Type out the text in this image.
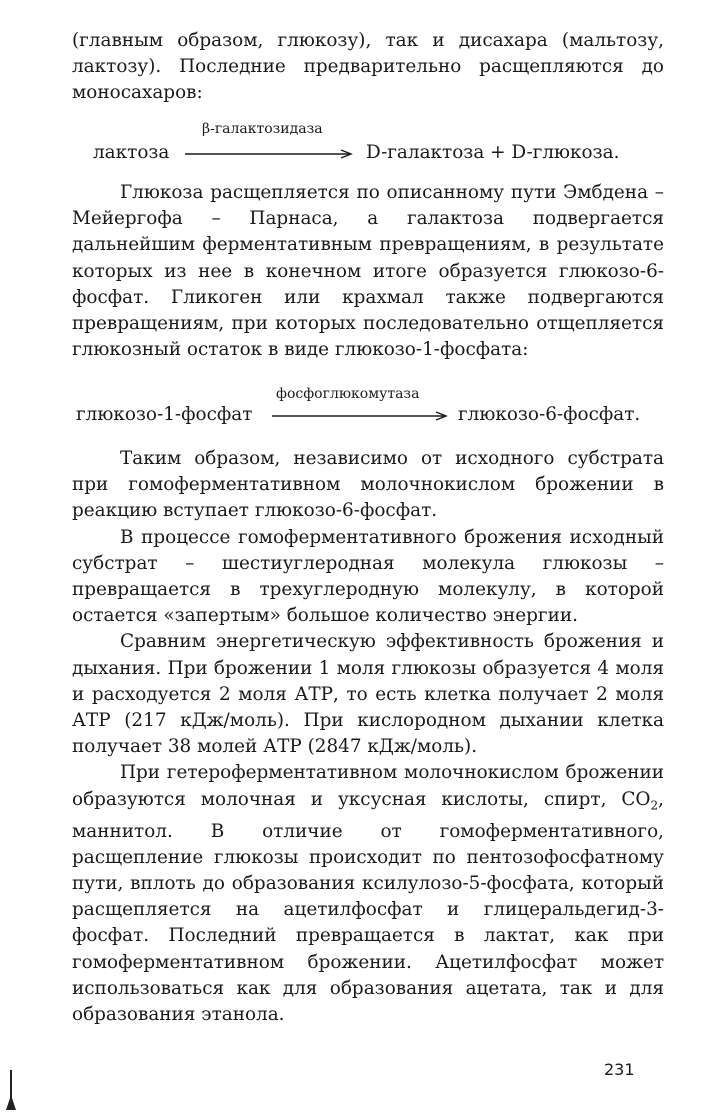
(главным образом, глюкозу), так и дисахара (мальтозу, лактозу). Последние предварительно расщепляются до моносахаров:

β-галактозидаза
лактоза	D-галактоза + D-глюкоза.

Глюкоза расщепляется по описанному пути Эмбдена – Мейергофа – Парнаса, а галактоза подвергается дальнейшим ферментативным превращениям, в результате которых из нее в конечном итоге образуется глюкозо-6-фосфат. Гликоген или крахмал также подвергаются превращениям, при которых последовательно отщепляется глюкозный остаток в виде глюкозо-1-фосфата:

фосфоглюкомутаза
глюкозо-1-фосфат	глюкозо-6-фосфат.

Таким образом, независимо от исходного субстрата при гомоферментативном молочнокислом брожении в реакцию вступает глюкозо-6-фосфат.

В процессе гомоферментативного брожения исходный субстрат – шестиуглеродная молекула глюкозы – превращается в трехуглеродную молекулу, в которой остается «запертым» большое количество энергии.

Сравним энергетическую эффективность брожения и дыхания. При брожении 1 моля глюкозы образуется 4 моля и расходуется 2 моля АТР, то есть клетка получает 2 моля АТР (217 кДж/моль). При кислородном дыхании клетка получает 38 молей АТР (2847 кДж/моль).

При гетероферментативном молочнокислом брожении образуются молочная и уксусная кислоты, спирт, $CO_2$, маннитол. В отличие от гомоферментативного, расщепление глюкозы происходит по пентозофосфатному пути, вплоть до образования ксилулозо-5-фосфата, который расщепляется на ацетилфосфат и глицеральдегид-3-фосфат. Последний превращается в лактат, как при гомоферментативном брожении. Ацетилфосфат может использоваться как для образования ацетата, так и для образования этанола.

231
